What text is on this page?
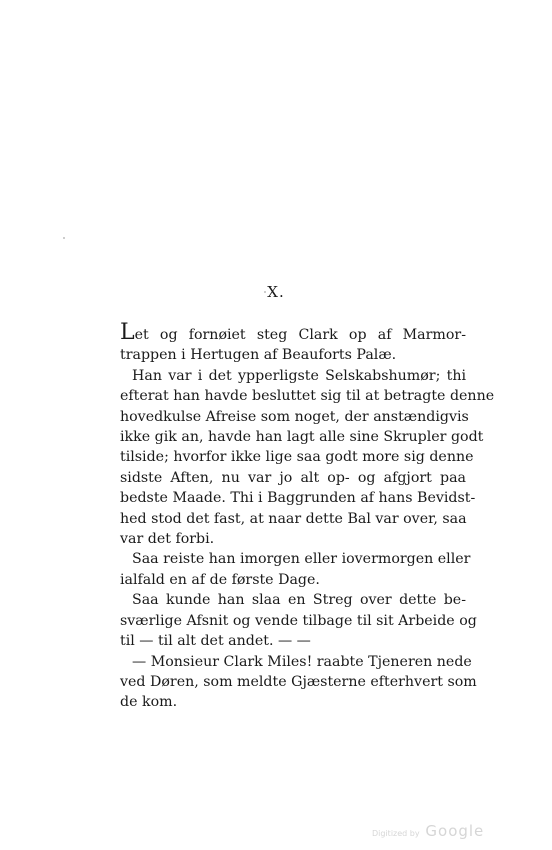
X.
Let og fornøiet steg Clark op af Marmor-
trappen i Hertugen af Beauforts Palæ.
Han var i det ypperligste Selskabshumør; thi
efterat han havde besluttet sig til at betragte denne
hovedkulse Afreise som noget, der anstændigvis
ikke gik an, havde han lagt alle sine Skrupler godt
tilside; hvorfor ikke lige saa godt more sig denne
sidste Aften, nu var jo alt op- og afgjort paa
bedste Maade. Thi i Baggrunden af hans Bevidst-
hed stod det fast, at naar dette Bal var over, saa
var det forbi.
Saa reiste han imorgen eller iovermorgen eller
ialfald en af de første Dage.
Saa kunde han slaa en Streg over dette be-
sværlige Afsnit og vende tilbage til sit Arbeide og
til — til alt det andet. — —
— Monsieur Clark Miles! raabte Tjeneren nede
ved Døren, som meldte Gjæsterne efterhvert som
de kom.
Digitized by Google
